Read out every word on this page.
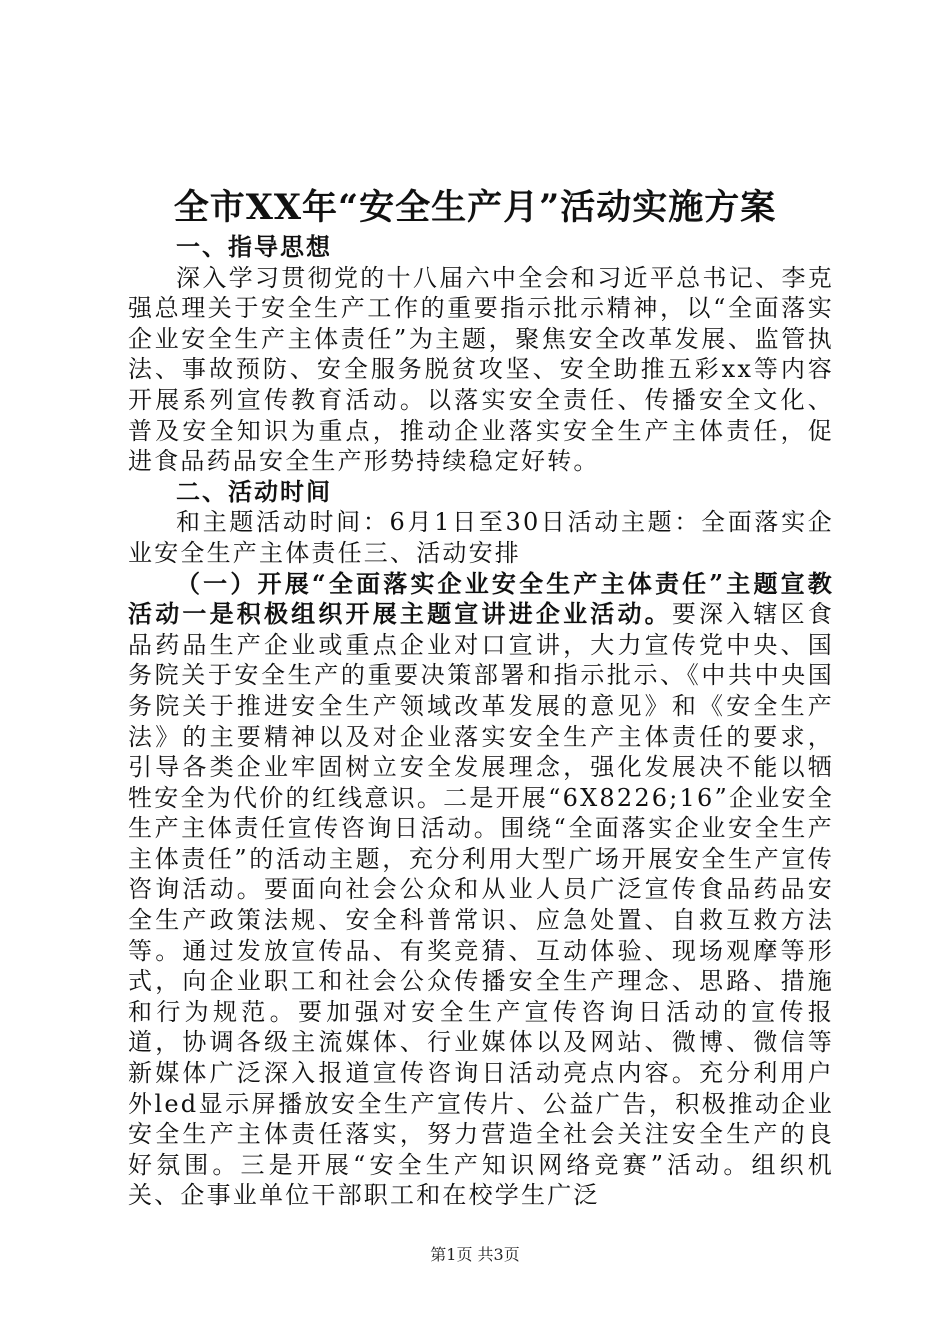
全市XX年“安全生产月”活动实施方案

一、指导思想

深入学习贯彻党的十八届六中全会和习近平总书记、李克强总理关于安全生产工作的重要指示批示精神，以“全面落实企业安全生产主体责任”为主题，聚焦安全改革发展、监管执法、事故预防、安全服务脱贫攻坚、安全助推五彩xx等内容开展系列宣传教育活动。以落实安全责任、传播安全文化、普及安全知识为重点，推动企业落实安全生产主体责任，促进食品药品安全生产形势持续稳定好转。

二、活动时间

和主题活动时间：6月1日至30日活动主题：全面落实企业安全生产主体责任三、活动安排

（一）开展“全面落实企业安全生产主体责任”主题宣教活动一是积极组织开展主题宣讲进企业活动。要深入辖区食品药品生产企业或重点企业对口宣讲，大力宣传党中央、国务院关于安全生产的重要决策部署和指示批示、《中共中央国务院关于推进安全生产领域改革发展的意见》和《安全生产法》的主要精神以及对企业落实安全生产主体责任的要求，引导各类企业牢固树立安全发展理念，强化发展决不能以牺牲安全为代价的红线意识。二是开展“6X8226;16”企业安全生产主体责任宣传咨询日活动。围绕“全面落实企业安全生产主体责任”的活动主题，充分利用大型广场开展安全生产宣传咨询活动。要面向社会公众和从业人员广泛宣传食品药品安全生产政策法规、安全科普常识、应急处置、自救互救方法等。通过发放宣传品、有奖竞猜、互动体验、现场观摩等形式，向企业职工和社会公众传播安全生产理念、思路、措施和行为规范。要加强对安全生产宣传咨询日活动的宣传报道，协调各级主流媒体、行业媒体以及网站、微博、微信等新媒体广泛深入报道宣传咨询日活动亮点内容。充分利用户外led显示屏播放安全生产宣传片、公益广告，积极推动企业安全生产主体责任落实，努力营造全社会关注安全生产的良好氛围。三是开展“安全生产知识网络竞赛”活动。组织机关、企事业单位干部职工和在校学生广泛

第1页 共3页
